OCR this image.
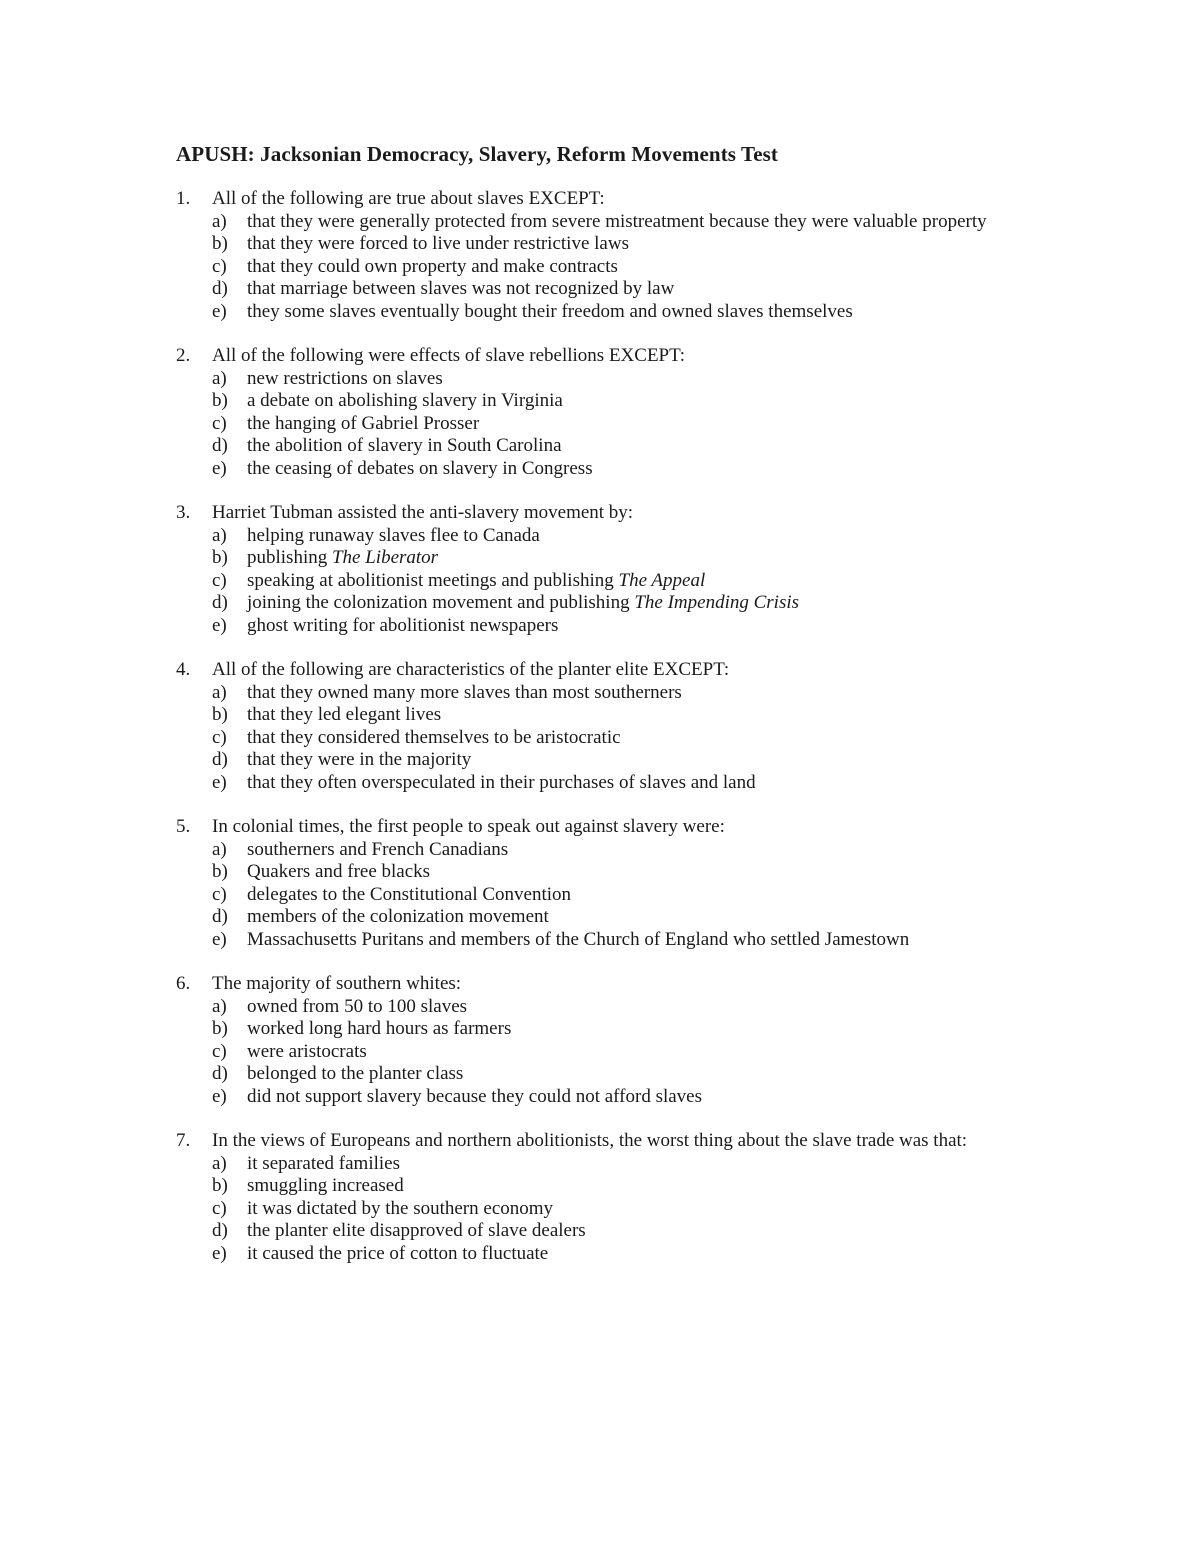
APUSH: Jacksonian Democracy, Slavery, Reform Movements Test
1.	All of the following are true about slaves EXCEPT:
a)	that they were generally protected from severe mistreatment because they were valuable property
b)	that they were forced to live under restrictive laws
c)	that they could own property and make contracts
d)	that marriage between slaves was not recognized by law
e)	they some slaves eventually bought their freedom and owned slaves themselves
2.	All of the following were effects of slave rebellions EXCEPT:
a)	new restrictions on slaves
b)	a debate on abolishing slavery in Virginia
c)	the hanging of Gabriel Prosser
d)	the abolition of slavery in South Carolina
e)	the ceasing of debates on slavery in Congress
3.	Harriet Tubman assisted the anti-slavery movement by:
a)	helping runaway slaves flee to Canada
b)	publishing The Liberator
c)	speaking at abolitionist meetings and publishing The Appeal
d)	joining the colonization movement and publishing The Impending Crisis
e)	ghost writing for abolitionist newspapers
4.	All of the following are characteristics of the planter elite EXCEPT:
a)	that they owned many more slaves than most southerners
b)	that they led elegant lives
c)	that they considered themselves to be aristocratic
d)	that they were in the majority
e)	that they often overspeculated in their purchases of slaves and land
5.	In colonial times, the first people to speak out against slavery were:
a)	southerners and French Canadians
b)	Quakers and free blacks
c)	delegates to the Constitutional Convention
d)	members of the colonization movement
e)	Massachusetts Puritans and members of the Church of England who settled Jamestown
6.	The majority of southern whites:
a)	owned from 50 to 100 slaves
b)	worked long hard hours as farmers
c)	were aristocrats
d)	belonged to the planter class
e)	did not support slavery because they could not afford slaves
7.	In the views of Europeans and northern abolitionists, the worst thing about the slave trade was that:
a)	it separated families
b)	smuggling increased
c)	it was dictated by the southern economy
d)	the planter elite disapproved of slave dealers
e)	it caused the price of cotton to fluctuate
